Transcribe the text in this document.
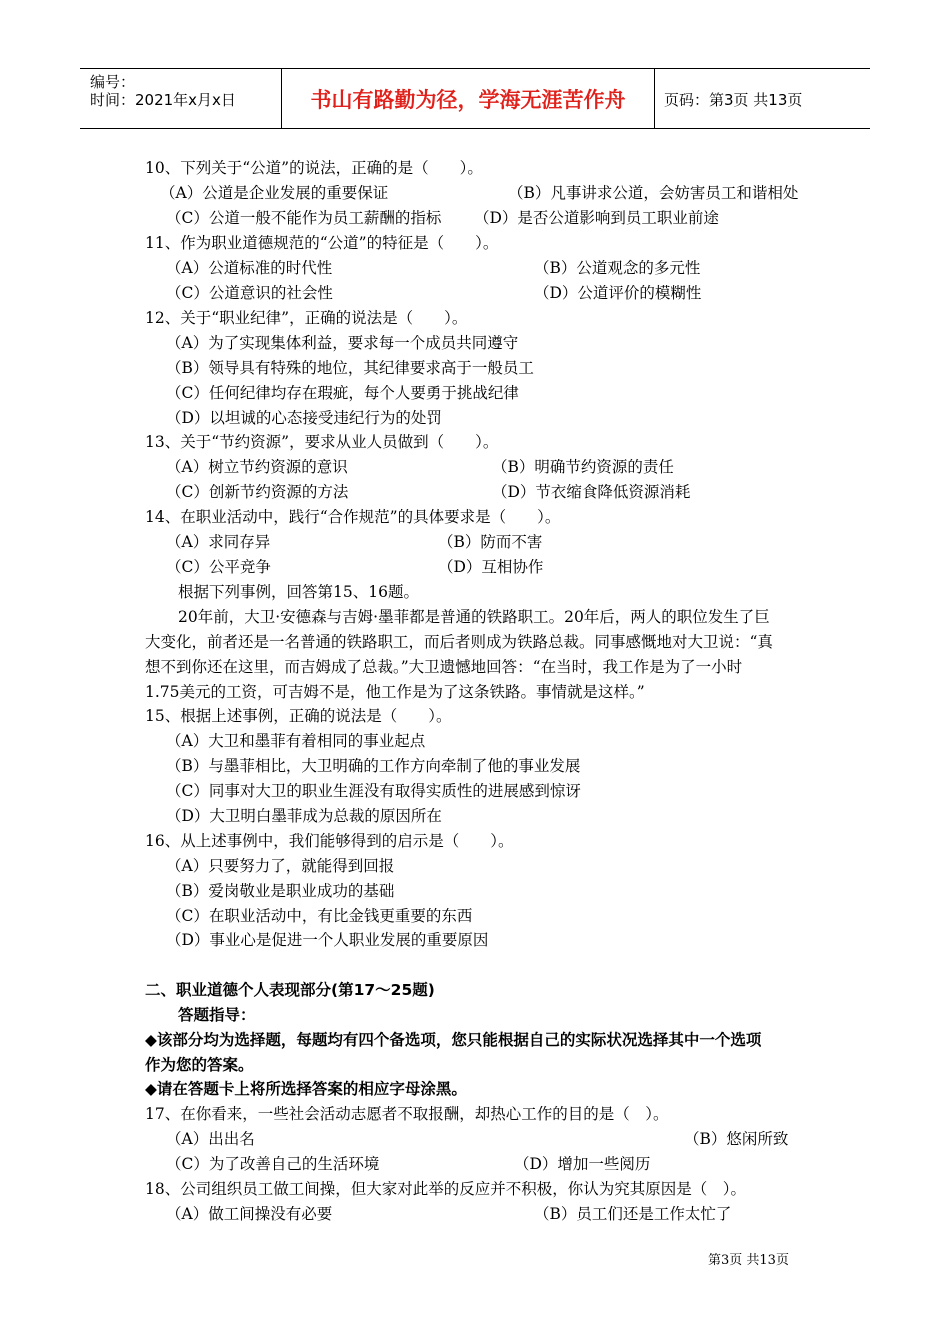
编号：
时间：2021年x月x日	书山有路勤为径，学海无涯苦作舟	页码：第3页 共13页
10、下列关于“公道”的说法，正确的是（　　）。
（A）公道是企业发展的重要保证	（B）凡事讲求公道，会妨害员工和谐相处
（C）公道一般不能作为员工薪酬的指标 （D）是否公道影响到员工职业前途
11、作为职业道德规范的“公道”的特征是（　　）。
（A）公道标准的时代性	（B）公道观念的多元性
（C）公道意识的社会性	（D）公道评价的模糊性
12、关于“职业纪律”，正确的说法是（　　）。
（A）为了实现集体利益，要求每一个成员共同遵守
（B）领导具有特殊的地位，其纪律要求高于一般员工
（C）任何纪律均存在瑕疵，每个人要勇于挑战纪律
（D）以坦诚的心态接受违纪行为的处罚
13、关于“节约资源”，要求从业人员做到（　　）。
（A）树立节约资源的意识	（B）明确节约资源的责任
（C）创新节约资源的方法	（D）节衣缩食降低资源消耗
14、在职业活动中，践行“合作规范”的具体要求是（　　）。
（A）求同存异	（B）防而不害
（C）公平竞争	（D）互相协作
根据下列事例，回答第15、16题。
20年前，大卫·安德森与吉姆·墨菲都是普通的铁路职工。20年后，两人的职位发生了巨
大变化，前者还是一名普通的铁路职工，而后者则成为铁路总裁。同事感慨地对大卫说：“真
想不到你还在这里，而吉姆成了总裁。”大卫遗憾地回答：“在当时，我工作是为了一小时
1.75美元的工资，可吉姆不是，他工作是为了这条铁路。事情就是这样。”
15、根据上述事例，正确的说法是（　　）。
（A）大卫和墨菲有着相同的事业起点
（B）与墨菲相比，大卫明确的工作方向牵制了他的事业发展
（C）同事对大卫的职业生涯没有取得实质性的进展感到惊讶
（D）大卫明白墨菲成为总裁的原因所在
16、从上述事例中，我们能够得到的启示是（　　）。
（A）只要努力了，就能得到回报
（B）爱岗敬业是职业成功的基础
（C）在职业活动中，有比金钱更重要的东西
（D）事业心是促进一个人职业发展的重要原因
二、职业道德个人表现部分(第17～25题)
答题指导：
◆该部分均为选择题，每题均有四个备选项，您只能根据自己的实际状况选择其中一个选项
作为您的答案。
◆请在答题卡上将所选择答案的相应字母涂黑。
17、在你看来，一些社会活动志愿者不取报酬，却热心工作的目的是（　）。
（A）出出名	（B）悠闲所致
（C）为了改善自己的生活环境	（D）增加一些阅历
18、公司组织员工做工间操，但大家对此举的反应并不积极，你认为究其原因是（　）。
（A）做工间操没有必要	（B）员工们还是工作太忙了
第3页 共13页
